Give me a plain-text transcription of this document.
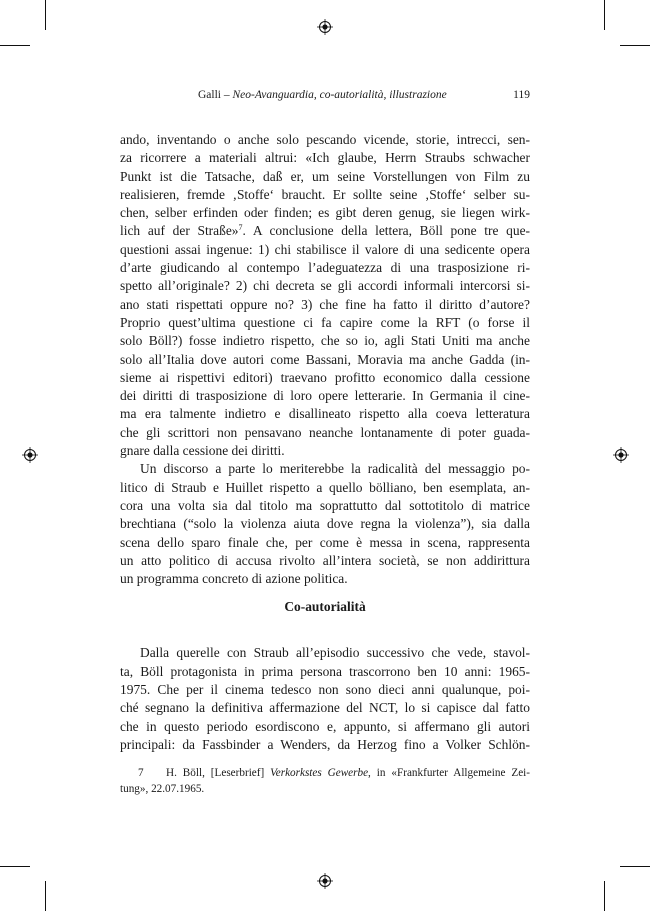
Galli – Neo-Avanguardia, co-autorialità, illustrazione	119

ando, inventando o anche solo pescando vicende, storie, intrecci, sen-
za ricorrere a materiali altrui: «Ich glaube, Herrn Straubs schwacher
Punkt ist die Tatsache, daß er, um seine Vorstellungen von Film zu
realisieren, fremde ‚Stoffe‘ braucht. Er sollte seine ‚Stoffe‘ selber su-
chen, selber erfinden oder finden; es gibt deren genug, sie liegen wirk-
lich auf der Straße»$^7$. A conclusione della lettera, Böll pone tre que-
questioni assai ingenue: 1) chi stabilisce il valore di una sedicente opera
d’arte giudicando al contempo l’adeguatezza di una trasposizione ri-
spetto all’originale? 2) chi decreta se gli accordi informali intercorsi si-
ano stati rispettati oppure no? 3) che fine ha fatto il diritto d’autore?
Proprio quest’ultima questione ci fa capire come la RFT (o forse il
solo Böll?) fosse indietro rispetto, che so io, agli Stati Uniti ma anche
solo all’Italia dove autori come Bassani, Moravia ma anche Gadda (in-
sieme ai rispettivi editori) traevano profitto economico dalla cessione
dei diritti di trasposizione di loro opere letterarie. In Germania il cine-
ma era talmente indietro e disallineato rispetto alla coeva letteratura
che gli scrittori non pensavano neanche lontanamente di poter guada-
gnare dalla cessione dei diritti.

Un discorso a parte lo meriterebbe la radicalità del messaggio po-
litico di Straub e Huillet rispetto a quello bölliano, ben esemplata, an-
cora una volta sia dal titolo ma soprattutto dal sottotitolo di matrice
brechtiana (“solo la violenza aiuta dove regna la violenza”), sia dalla
scena dello sparo finale che, per come è messa in scena, rappresenta
un atto politico di accusa rivolto all’intera società, se non addirittura
un programma concreto di azione politica.

Co-autorialità

Dalla querelle con Straub all’episodio successivo che vede, stavol-
ta, Böll protagonista in prima persona trascorrono ben 10 anni: 1965-
1975. Che per il cinema tedesco non sono dieci anni qualunque, poi-
ché segnano la definitiva affermazione del NCT, lo si capisce dal fatto
che in questo periodo esordiscono e, appunto, si affermano gli autori
principali: da Fassbinder a Wenders, da Herzog fino a Volker Schlön-

7 H. Böll, [Leserbrief] Verkorkstes Gewerbe, in «Frankfurter Allgemeine Zei-
tung», 22.07.1965.
